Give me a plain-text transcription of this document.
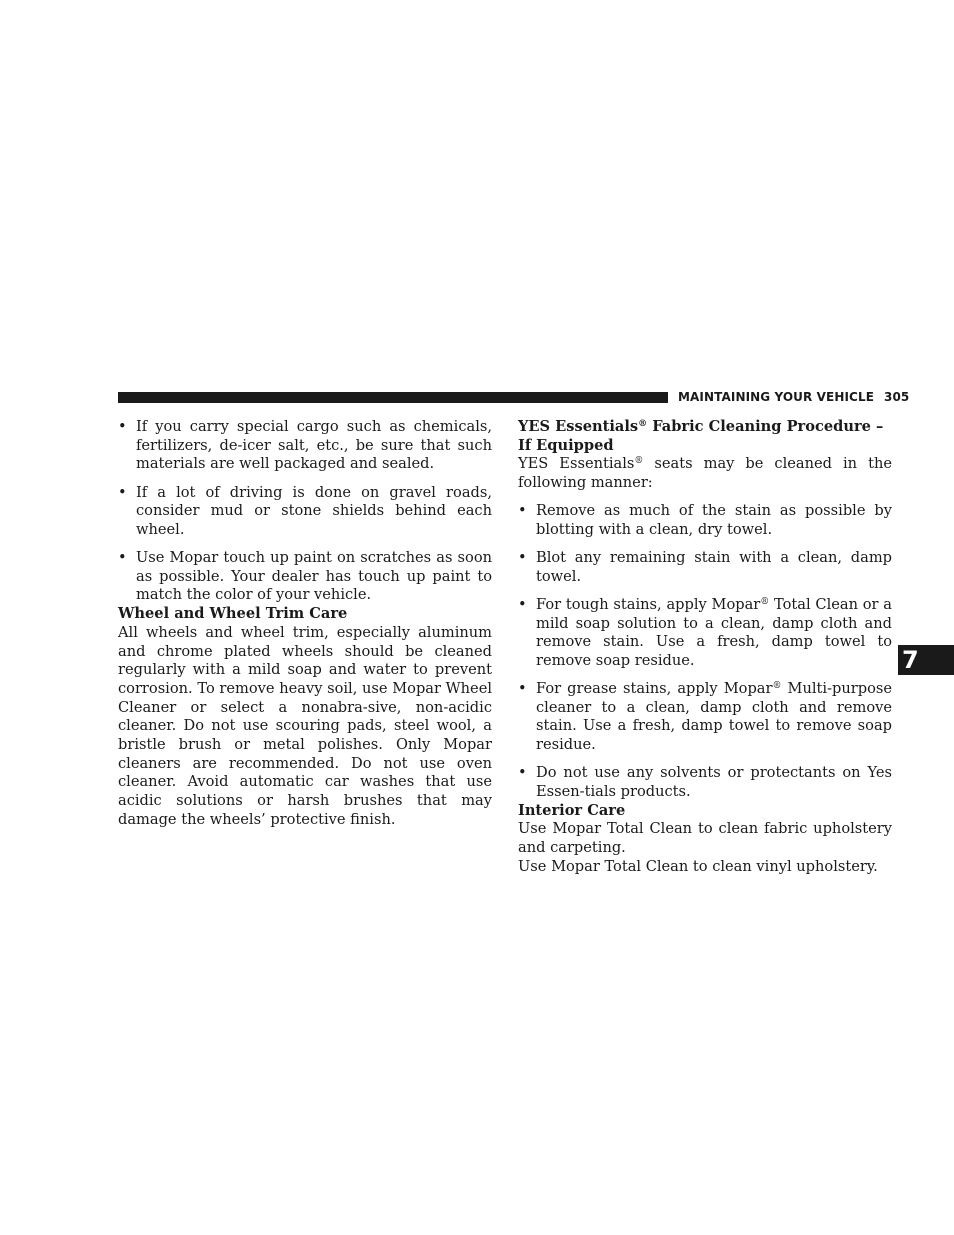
MAINTAINING YOUR VEHICLE 305
7
• If you carry special cargo such as chemicals, fertilizers, de-icer salt, etc., be sure that such materials are well packaged and sealed.
• If a lot of driving is done on gravel roads, consider mud or stone shields behind each wheel.
• Use Mopar touch up paint on scratches as soon as possible. Your dealer has touch up paint to match the color of your vehicle.
Wheel and Wheel Trim Care

All wheels and wheel trim, especially aluminum and chrome plated wheels should be cleaned regularly with a mild soap and water to prevent corrosion. To remove heavy soil, use Mopar Wheel Cleaner or select a nonabra-sive, non-acidic cleaner. Do not use scouring pads, steel wool, a bristle brush or metal polishes. Only Mopar cleaners are recommended. Do not use oven cleaner. Avoid automatic car washes that use acidic solutions or harsh brushes that may damage the wheels’ protective finish.

YES Essentials® Fabric Cleaning Procedure – If Equipped

YES Essentials® seats may be cleaned in the following manner:

• Remove as much of the stain as possible by blotting with a clean, dry towel.
• Blot any remaining stain with a clean, damp towel.
• For tough stains, apply Mopar® Total Clean or a mild soap solution to a clean, damp cloth and remove stain. Use a fresh, damp towel to remove soap residue.
• For grease stains, apply Mopar® Multi-purpose cleaner to a clean, damp cloth and remove stain. Use a fresh, damp towel to remove soap residue.
• Do not use any solvents or protectants on Yes Essen-tials products.
Interior Care

Use Mopar Total Clean to clean fabric upholstery and carpeting.

Use Mopar Total Clean to clean vinyl upholstery.
